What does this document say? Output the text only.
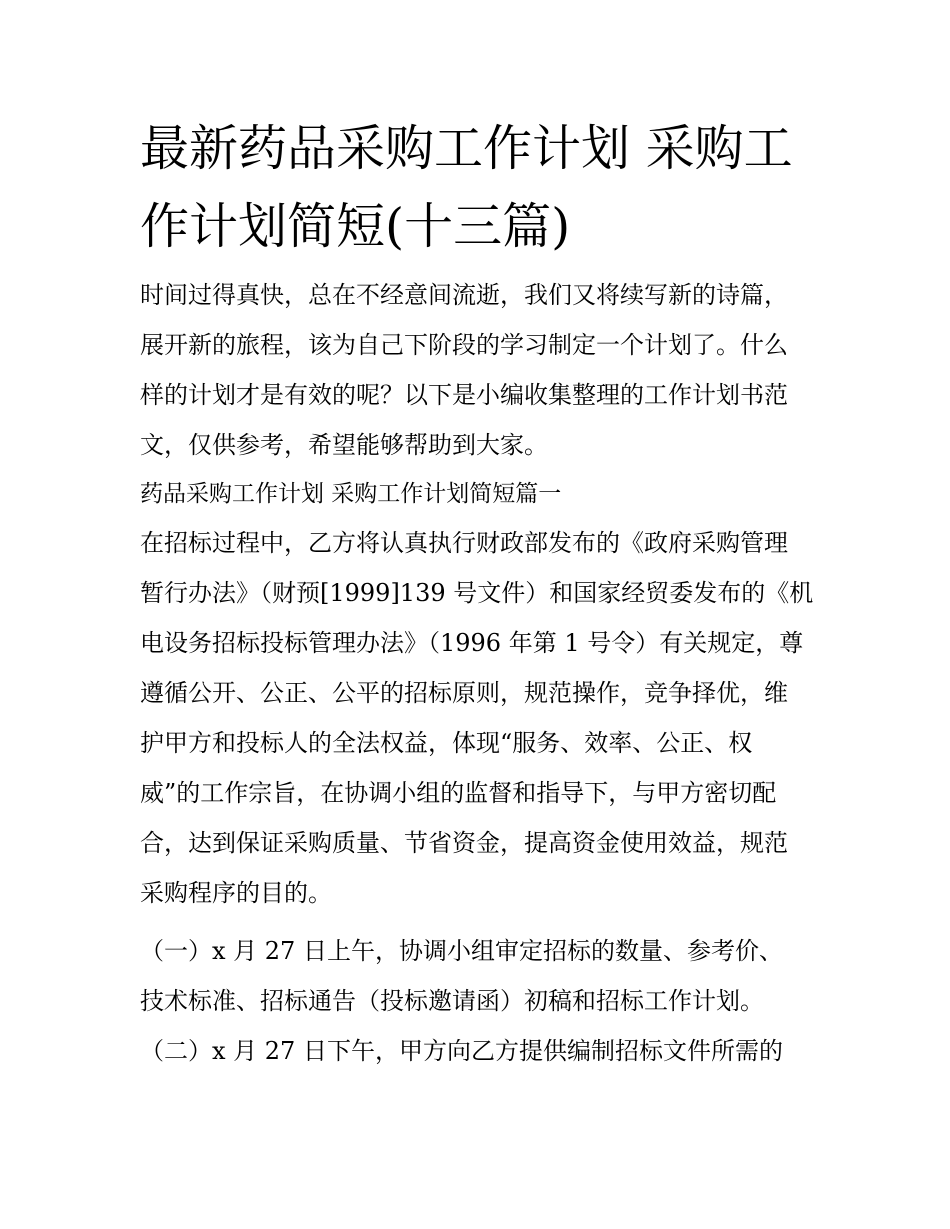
最新药品采购工作计划 采购工
作计划简短(十三篇)
时间过得真快，总在不经意间流逝，我们又将续写新的诗篇，
展开新的旅程，该为自己下阶段的学习制定一个计划了。什么
样的计划才是有效的呢？以下是小编收集整理的工作计划书范
文，仅供参考，希望能够帮助到大家。
药品采购工作计划 采购工作计划简短篇一
在招标过程中，乙方将认真执行财政部发布的《政府采购管理
暂行办法》（财预[1999]139 号文件）和国家经贸委发布的《机
电设务招标投标管理办法》（1996 年第 1 号令）有关规定，尊
遵循公开、公正、公平的招标原则，规范操作，竞争择优，维
护甲方和投标人的全法权益，体现“服务、效率、公正、权
威”的工作宗旨，在协调小组的监督和指导下，与甲方密切配
合，达到保证采购质量、节省资金，提高资金使用效益，规范
采购程序的目的。
（一）x 月 27 日上午，协调小组审定招标的数量、参考价、
技术标准、招标通告（投标邀请函）初稿和招标工作计划。
（二）x 月 27 日下午，甲方向乙方提供编制招标文件所需的
